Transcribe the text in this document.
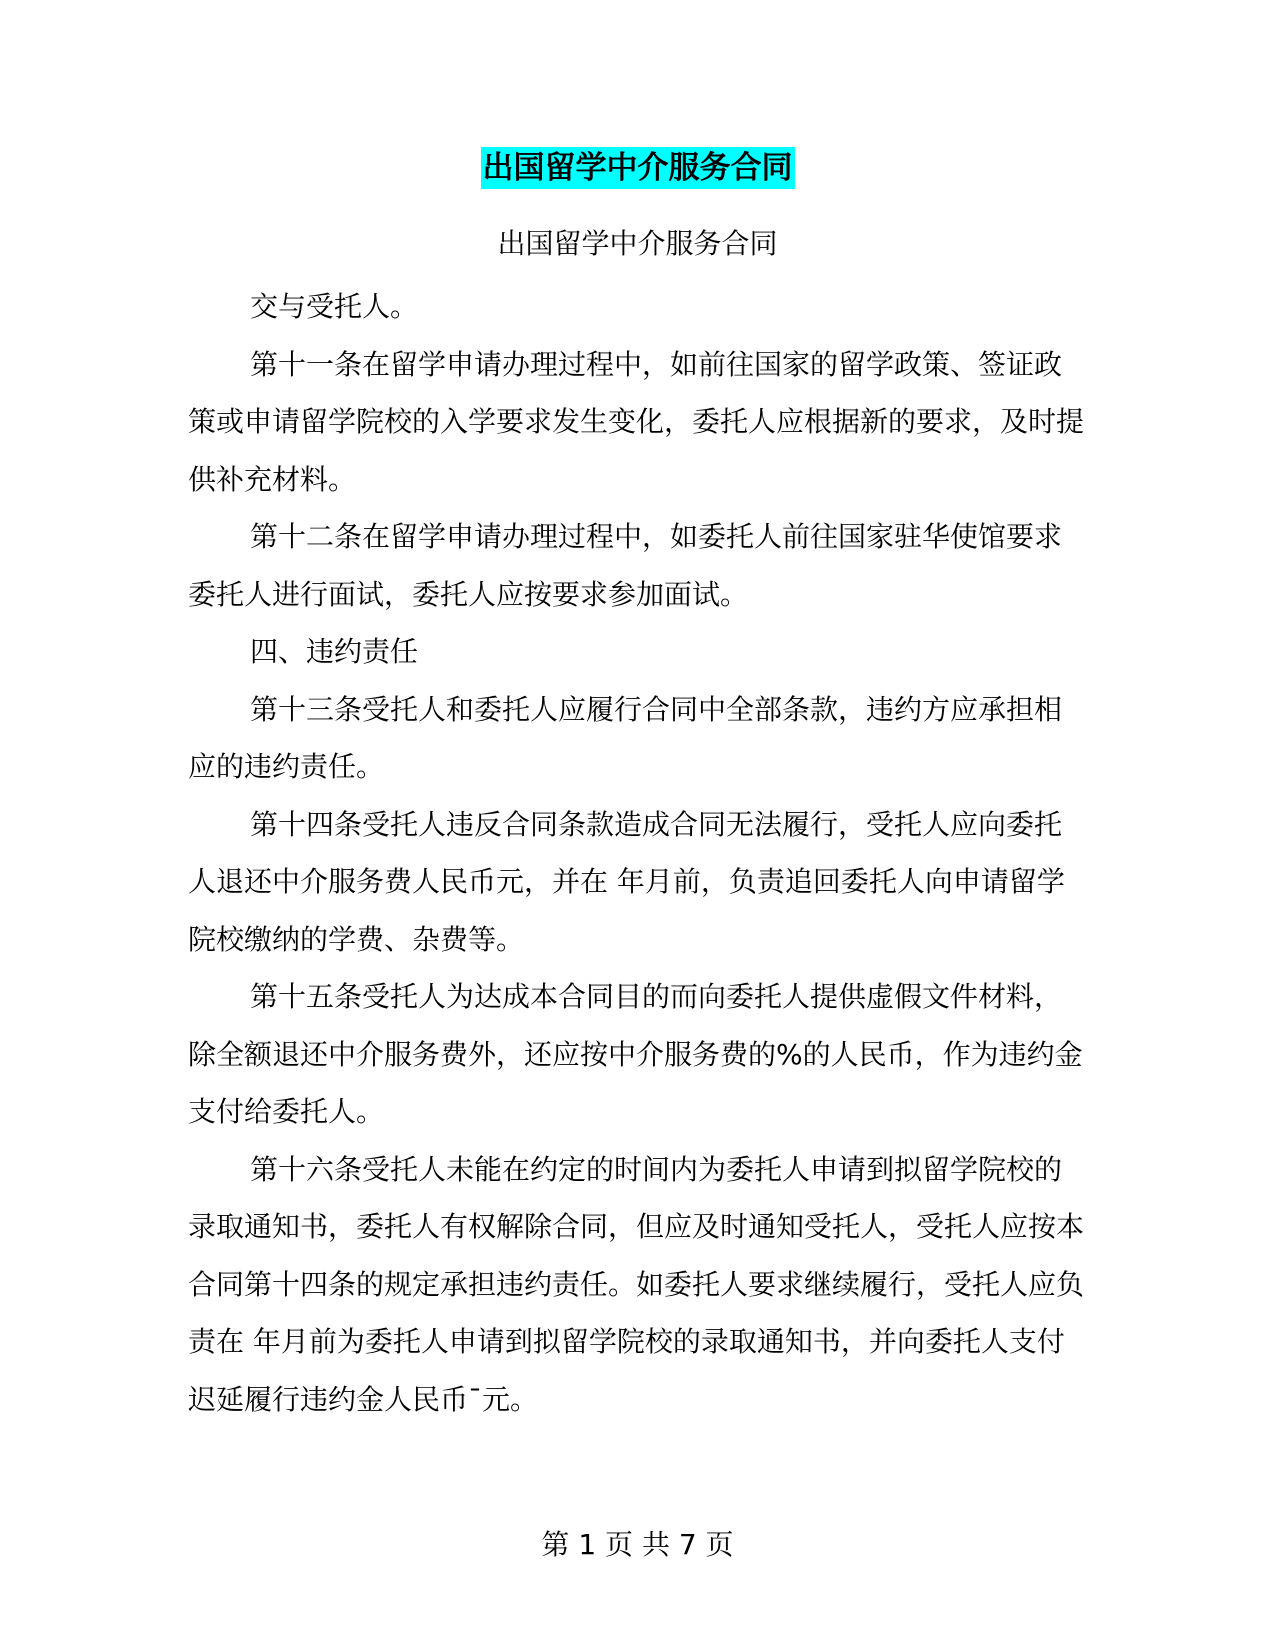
出国留学中介服务合同
出国留学中介服务合同

交与受托人。

第十一条在留学申请办理过程中，如前往国家的留学政策、签证政策或申请留学院校的入学要求发生变化，委托人应根据新的要求，及时提供补充材料。

第十二条在留学申请办理过程中，如委托人前往国家驻华使馆要求委托人进行面试，委托人应按要求参加面试。

四、违约责任

第十三条受托人和委托人应履行合同中全部条款，违约方应承担相应的违约责任。

第十四条受托人违反合同条款造成合同无法履行，受托人应向委托人退还中介服务费人民币元，并在 年月前，负责追回委托人向申请留学院校缴纳的学费、杂费等。

第十五条受托人为达成本合同目的而向委托人提供虚假文件材料，除全额退还中介服务费外，还应按中介服务费的%的人民币，作为违约金支付给委托人。

第十六条受托人未能在约定的时间内为委托人申请到拟留学院校的录取通知书，委托人有权解除合同，但应及时通知受托人，受托人应按本合同第十四条的规定承担违约责任。如委托人要求继续履行，受托人应负责在 年月前为委托人申请到拟留学院校的录取通知书，并向委托人支付迟延履行违约金人民币¯元。

第 1 页 共 7 页
